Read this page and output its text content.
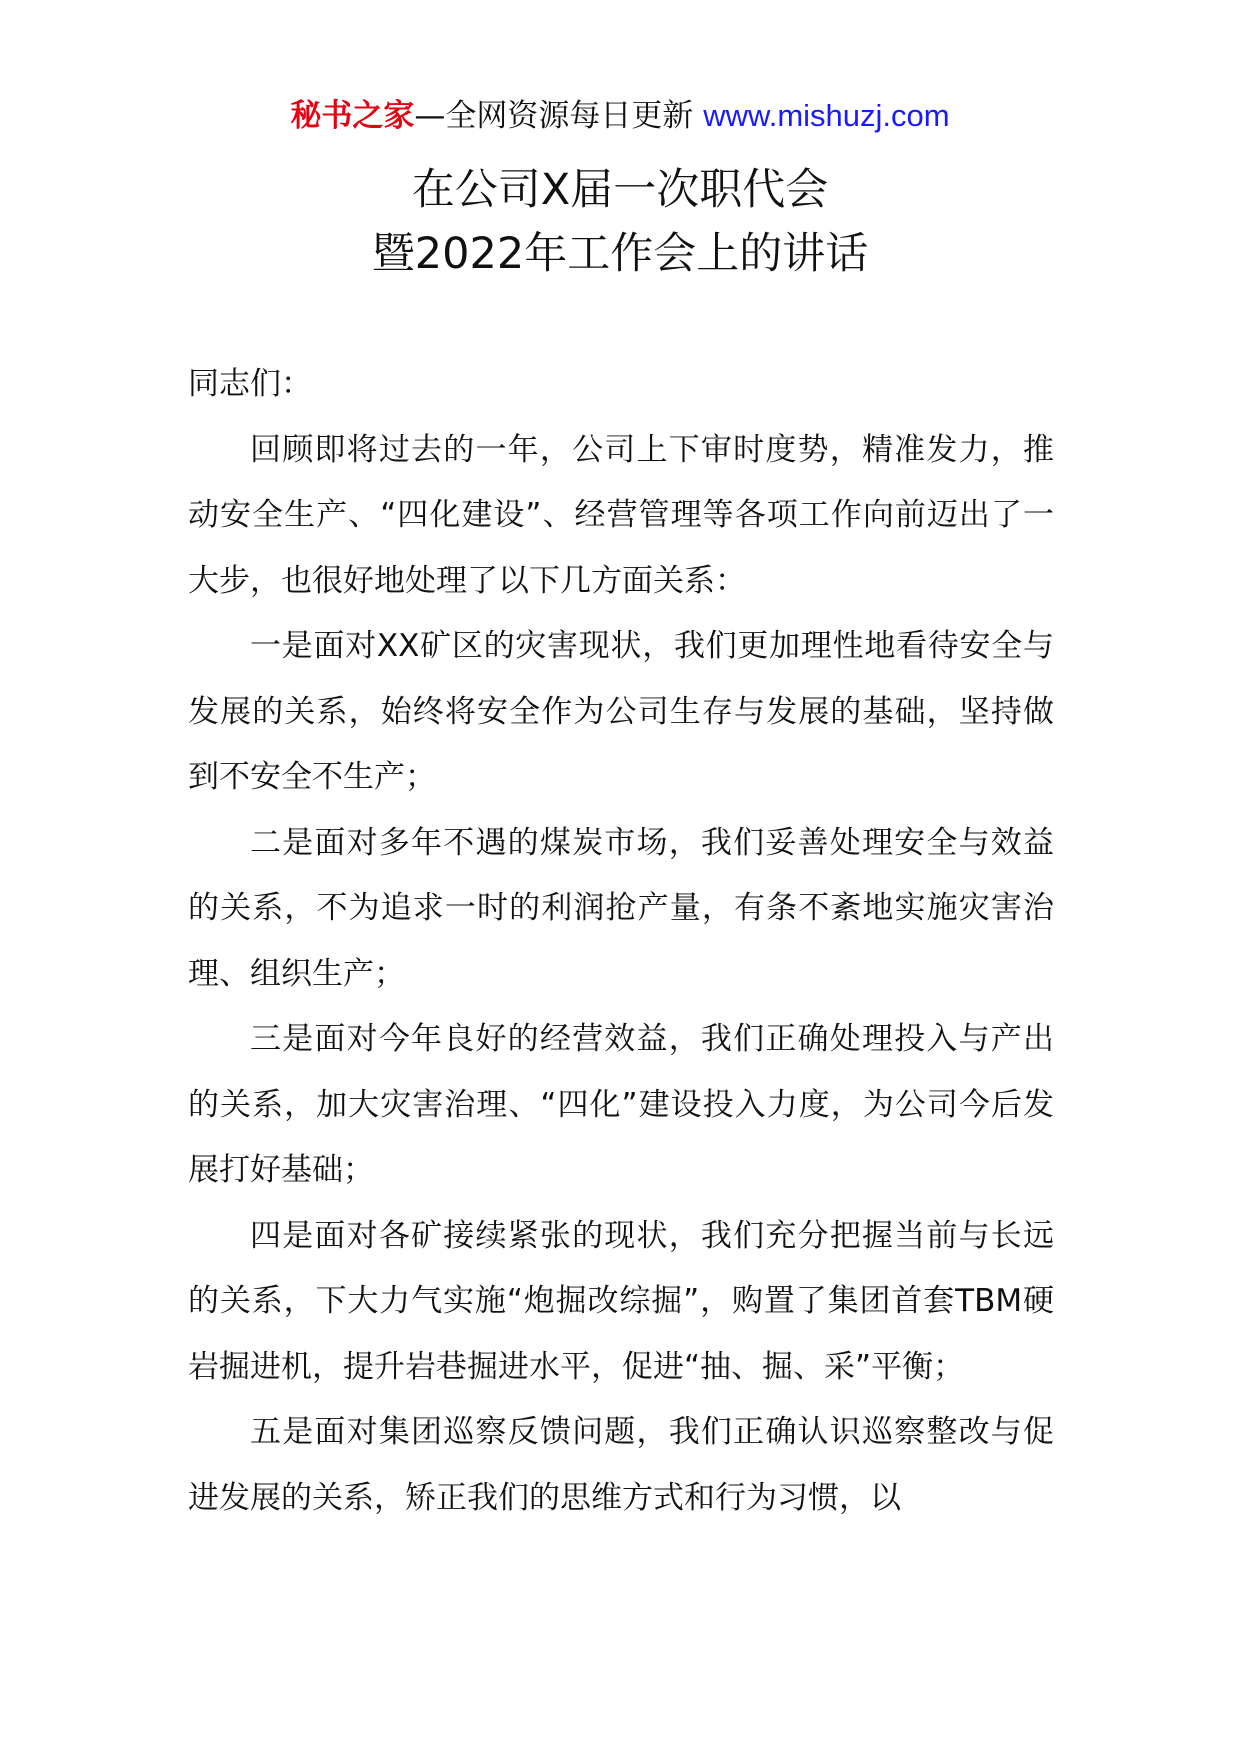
秘书之家—全网资源每日更新 www.mishuzj.com
在公司X届一次职代会
暨2022年工作会上的讲话

同志们：

回顾即将过去的一年，公司上下审时度势，精准发力，推动安全生产、“四化建设”、经营管理等各项工作向前迈出了一大步，也很好地处理了以下几方面关系：

一是面对XX矿区的灾害现状，我们更加理性地看待安全与发展的关系，始终将安全作为公司生存与发展的基础，坚持做到不安全不生产；

二是面对多年不遇的煤炭市场，我们妥善处理安全与效益的关系，不为追求一时的利润抢产量，有条不紊地实施灾害治理、组织生产；

三是面对今年良好的经营效益，我们正确处理投入与产出的关系，加大灾害治理、“四化”建设投入力度，为公司今后发展打好基础；

四是面对各矿接续紧张的现状，我们充分把握当前与长远的关系，下大力气实施“炮掘改综掘”，购置了集团首套TBM硬岩掘进机，提升岩巷掘进水平，促进“抽、掘、采”平衡；

五是面对集团巡察反馈问题，我们正确认识巡察整改与促进发展的关系，矫正我们的思维方式和行为习惯，以
